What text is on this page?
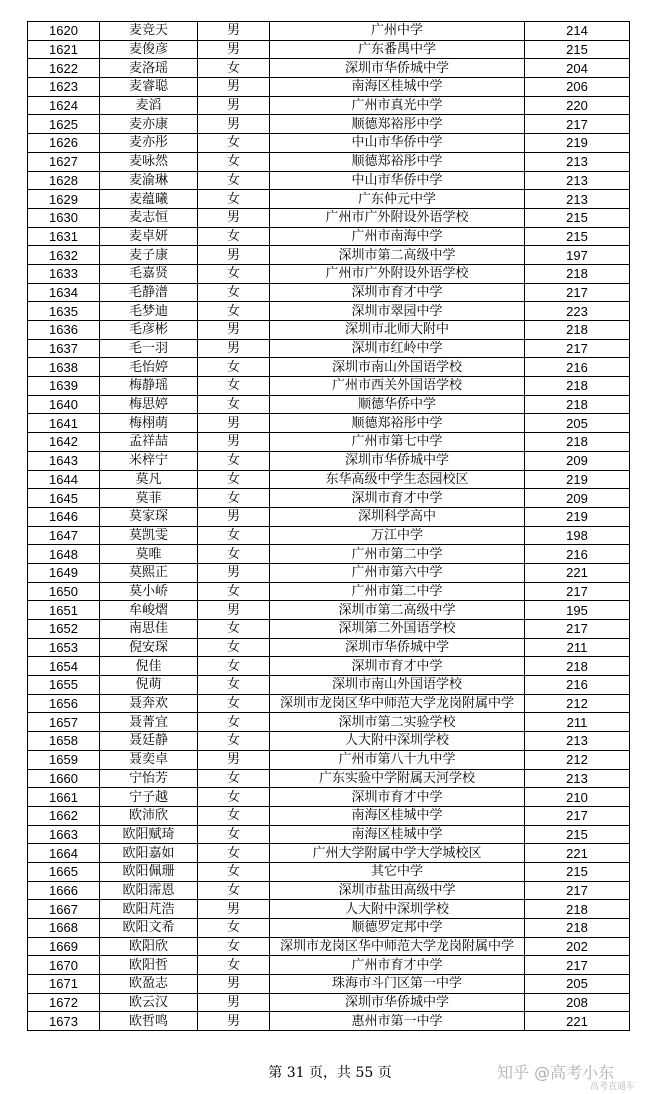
1620	麦竞天	男	广州中学	214
1621	麦俊彦	男	广东番禺中学	215
1622	麦洛瑶	女	深圳市华侨城中学	204
1623	麦睿聪	男	南海区桂城中学	206
1624	麦滔	男	广州市真光中学	220
1625	麦亦康	男	顺德郑裕彤中学	217
1626	麦亦彤	女	中山市华侨中学	219
1627	麦咏然	女	顺德郑裕彤中学	213
1628	麦渝琳	女	中山市华侨中学	213
1629	麦蕴曦	女	广东仲元中学	213
1630	麦志恒	男	广州市广外附设外语学校	215
1631	麦卓妍	女	广州市南海中学	215
1632	麦子康	男	深圳市第二高级中学	197
1633	毛嘉贤	女	广州市广外附设外语学校	218
1634	毛静潽	女	深圳市育才中学	217
1635	毛梦迪	女	深圳市翠园中学	223
1636	毛彦彬	男	深圳市北师大附中	218
1637	毛一羽	男	深圳市红岭中学	217
1638	毛怡婷	女	深圳市南山外国语学校	216
1639	梅静瑶	女	广州市西关外国语学校	218
1640	梅思婷	女	顺德华侨中学	218
1641	梅栩萌	男	顺德郑裕彤中学	205
1642	孟祥喆	男	广州市第七中学	218
1643	米梓宁	女	深圳市华侨城中学	209
1644	莫凡	女	东华高级中学生态园校区	219
1645	莫菲	女	深圳市育才中学	209
1646	莫家琛	男	深圳科学高中	219
1647	莫凯雯	女	万江中学	198
1648	莫唯	女	广州市第二中学	216
1649	莫熙正	男	广州市第六中学	221
1650	莫小峤	女	广州市第二中学	217
1651	牟峻熠	男	深圳市第二高级中学	195
1652	南思佳	女	深圳第二外国语学校	217
1653	倪安琛	女	深圳市华侨城中学	211
1654	倪佳	女	深圳市育才中学	218
1655	倪萌	女	深圳市南山外国语学校	216
1656	聂奔欢	女	深圳市龙岗区华中师范大学龙岗附属中学	212
1657	聂菁宜	女	深圳市第二实验学校	211
1658	聂廷静	女	人大附中深圳学校	213
1659	聂奕卓	男	广州市第八十九中学	212
1660	宁怡芳	女	广东实验中学附属天河学校	213
1661	宁子越	女	深圳市育才中学	210
1662	欧沛欣	女	南海区桂城中学	217
1663	欧阳赋琦	女	南海区桂城中学	215
1664	欧阳嘉如	女	广州大学附属中学大学城校区	221
1665	欧阳佩珊	女	其它中学	215
1666	欧阳霈恩	女	深圳市盐田高级中学	217
1667	欧阳芃浩	男	人大附中深圳学校	218
1668	欧阳文希	女	顺德罗定邦中学	218
1669	欧阳欣	女	深圳市龙岗区华中师范大学龙岗附属中学	202
1670	欧阳哲	女	广州市育才中学	217
1671	欧盈志	男	珠海市斗门区第一中学	205
1672	欧云汉	男	深圳市华侨城中学	208
1673	欧哲鸣	男	惠州市第一中学	221
第 31 页，共 55 页	知乎 @高考小东
高考直通车
